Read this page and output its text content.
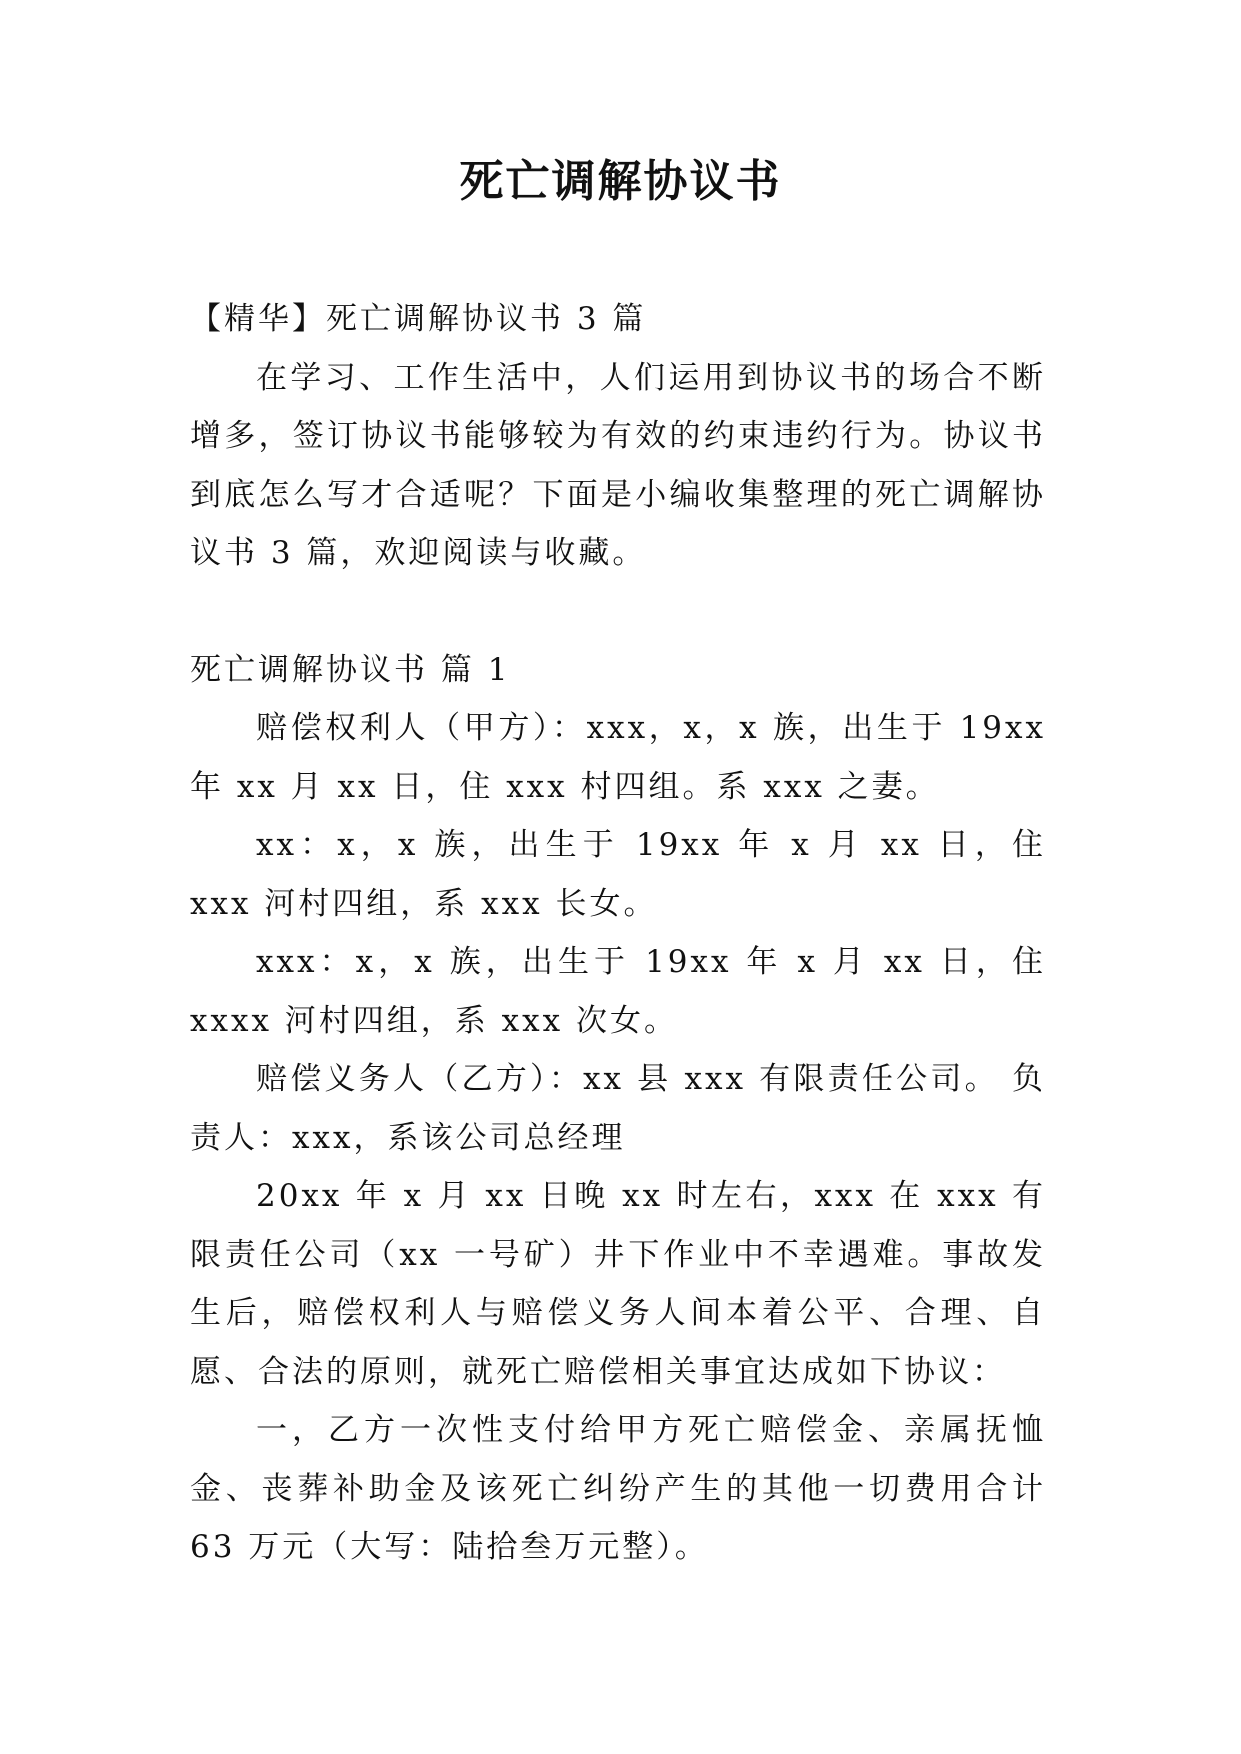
死亡调解协议书

【精华】死亡调解协议书 3 篇

在学习、工作生活中，人们运用到协议书的场合不断增多，签订协议书能够较为有效的约束违约行为。协议书到底怎么写才合适呢？下面是小编收集整理的死亡调解协议书 3 篇，欢迎阅读与收藏。

死亡调解协议书 篇 1

赔偿权利人（甲方）：xxx，x，x 族，出生于 19xx 年 xx 月 xx 日，住 xxx 村四组。系 xxx 之妻。

xx：x，x 族，出生于 19xx 年 x 月 xx 日，住 xxx 河村四组，系 xxx 长女。

xxx：x，x 族，出生于 19xx 年 x 月 xx 日，住 xxxx 河村四组，系 xxx 次女。

赔偿义务人（乙方）：xx 县 xxx 有限责任公司。 负责人：xxx，系该公司总经理

20xx 年 x 月 xx 日晚 xx 时左右，xxx 在 xxx 有限责任公司（xx 一号矿）井下作业中不幸遇难。事故发生后，赔偿权利人与赔偿义务人间本着公平、合理、自愿、合法的原则，就死亡赔偿相关事宜达成如下协议：

一，乙方一次性支付给甲方死亡赔偿金、亲属抚恤金、丧葬补助金及该死亡纠纷产生的其他一切费用合计 63 万元（大写：陆拾叁万元整）。
